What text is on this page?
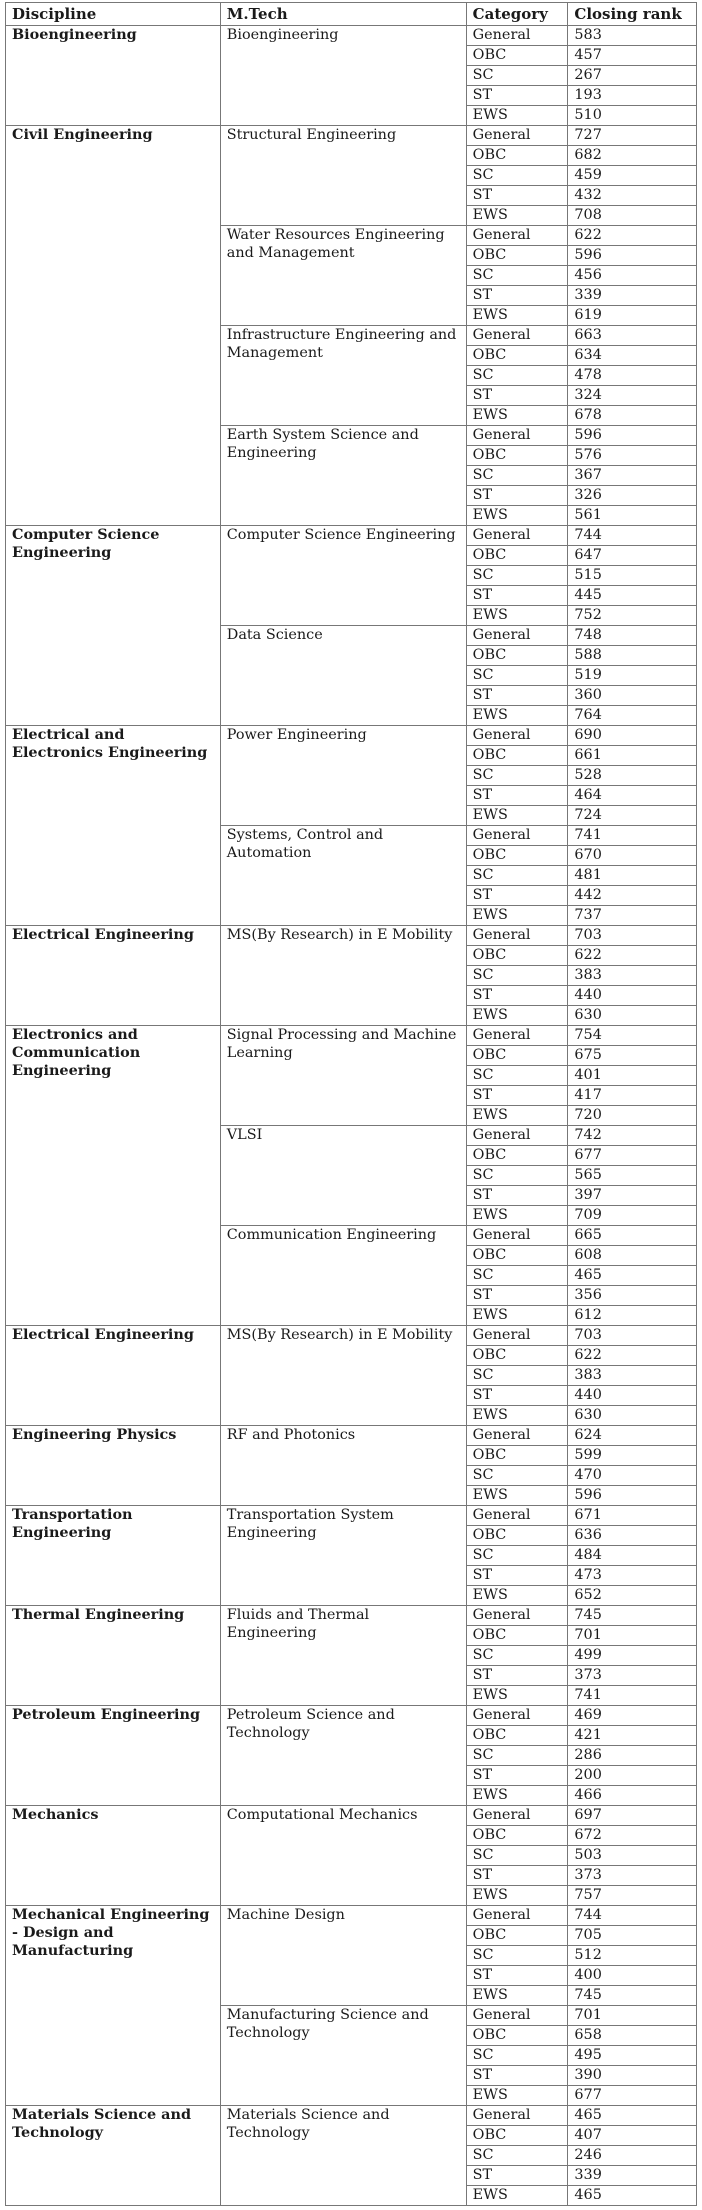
Discipline	M.Tech	Category	Closing rank
Bioengineering	Bioengineering	General	583
		OBC	457
		SC	267
		ST	193
		EWS	510
Civil Engineering	Structural Engineering	General	727
		OBC	682
		SC	459
		ST	432
		EWS	708
	Water Resources Engineering and Management	General	622
		OBC	596
		SC	456
		ST	339
		EWS	619
	Infrastructure Engineering and Management	General	663
		OBC	634
		SC	478
		ST	324
		EWS	678
	Earth System Science and Engineering	General	596
		OBC	576
		SC	367
		ST	326
		EWS	561
Computer Science Engineering	Computer Science Engineering	General	744
		OBC	647
		SC	515
		ST	445
		EWS	752
	Data Science	General	748
		OBC	588
		SC	519
		ST	360
		EWS	764
Electrical and Electronics Engineering	Power Engineering	General	690
		OBC	661
		SC	528
		ST	464
		EWS	724
	Systems, Control and Automation	General	741
		OBC	670
		SC	481
		ST	442
		EWS	737
Electrical Engineering	MS(By Research) in E Mobility	General	703
		OBC	622
		SC	383
		ST	440
		EWS	630
Electronics and Communication Engineering	Signal Processing and Machine Learning	General	754
		OBC	675
		SC	401
		ST	417
		EWS	720
	VLSI	General	742
		OBC	677
		SC	565
		ST	397
		EWS	709
	Communication Engineering	General	665
		OBC	608
		SC	465
		ST	356
		EWS	612
Electrical Engineering	MS(By Research) in E Mobility	General	703
		OBC	622
		SC	383
		ST	440
		EWS	630
Engineering Physics	RF and Photonics	General	624
		OBC	599
		SC	470
		EWS	596
Transportation Engineering	Transportation System Engineering	General	671
		OBC	636
		SC	484
		ST	473
		EWS	652
Thermal Engineering	Fluids and Thermal Engineering	General	745
		OBC	701
		SC	499
		ST	373
		EWS	741
Petroleum Engineering	Petroleum Science and Technology	General	469
		OBC	421
		SC	286
		ST	200
		EWS	466
Mechanics	Computational Mechanics	General	697
		OBC	672
		SC	503
		ST	373
		EWS	757
Mechanical Engineering - Design and Manufacturing	Machine Design	General	744
		OBC	705
		SC	512
		ST	400
		EWS	745
	Manufacturing Science and Technology	General	701
		OBC	658
		SC	495
		ST	390
		EWS	677
Materials Science and Technology	Materials Science and Technology	General	465
		OBC	407
		SC	246
		ST	339
		EWS	465
